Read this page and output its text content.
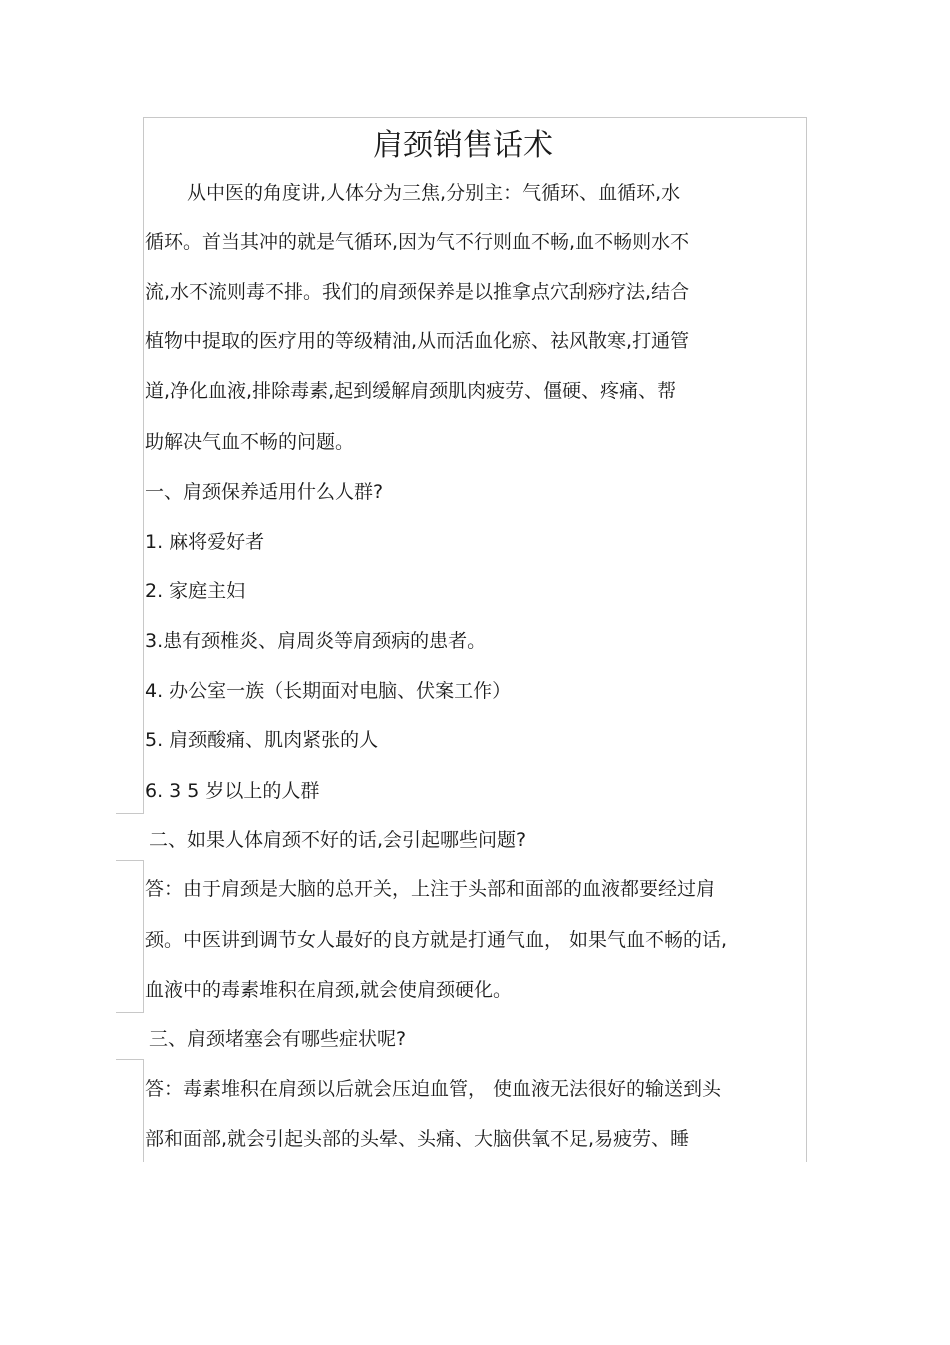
肩颈销售话术

从中医的角度讲,人体分为三焦,分别主：气循环、血循环,水

循环。首当其冲的就是气循环,因为气不行则血不畅,血不畅则水不

流,水不流则毒不排。我们的肩颈保养是以推拿点穴刮痧疗法,结合

植物中提取的医疗用的等级精油,从而活血化瘀、祛风散寒,打通管

道,净化血液,排除毒素,起到缓解肩颈肌肉疲劳、僵硬、疼痛、帮

助解决气血不畅的问题。

一、肩颈保养适用什么人群?

1. 麻将爱好者

2. 家庭主妇

3.患有颈椎炎、肩周炎等肩颈病的患者。

4. 办公室一族（长期面对电脑、伏案工作）

5. 肩颈酸痛、肌肉紧张的人

6. 3 5 岁以上的人群

二、如果人体肩颈不好的话,会引起哪些问题?

答：由于肩颈是大脑的总开关，上注于头部和面部的血液都要经过肩

颈。中医讲到调节女人最好的良方就是打通气血， 如果气血不畅的话,

血液中的毒素堆积在肩颈,就会使肩颈硬化。

三、肩颈堵塞会有哪些症状呢?

答：毒素堆积在肩颈以后就会压迫血管， 使血液无法很好的输送到头

部和面部,就会引起头部的头晕、头痛、大脑供氧不足,易疲劳、睡
